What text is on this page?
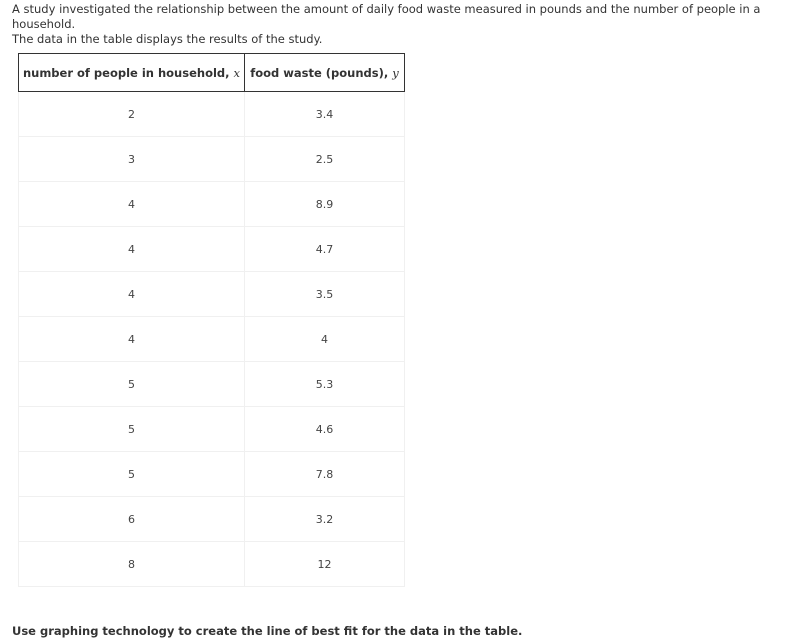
A study investigated the relationship between the amount of daily food waste measured in pounds and the number of people in a household.

The data in the table displays the results of the study.

number of people in household, x	food waste (pounds), y
2	3.4
3	2.5
4	8.9
4	4.7
4	3.5
4	4
5	5.3
5	4.6
5	7.8
6	3.2
8	12

Use graphing technology to create the line of best fit for the data in the table.
